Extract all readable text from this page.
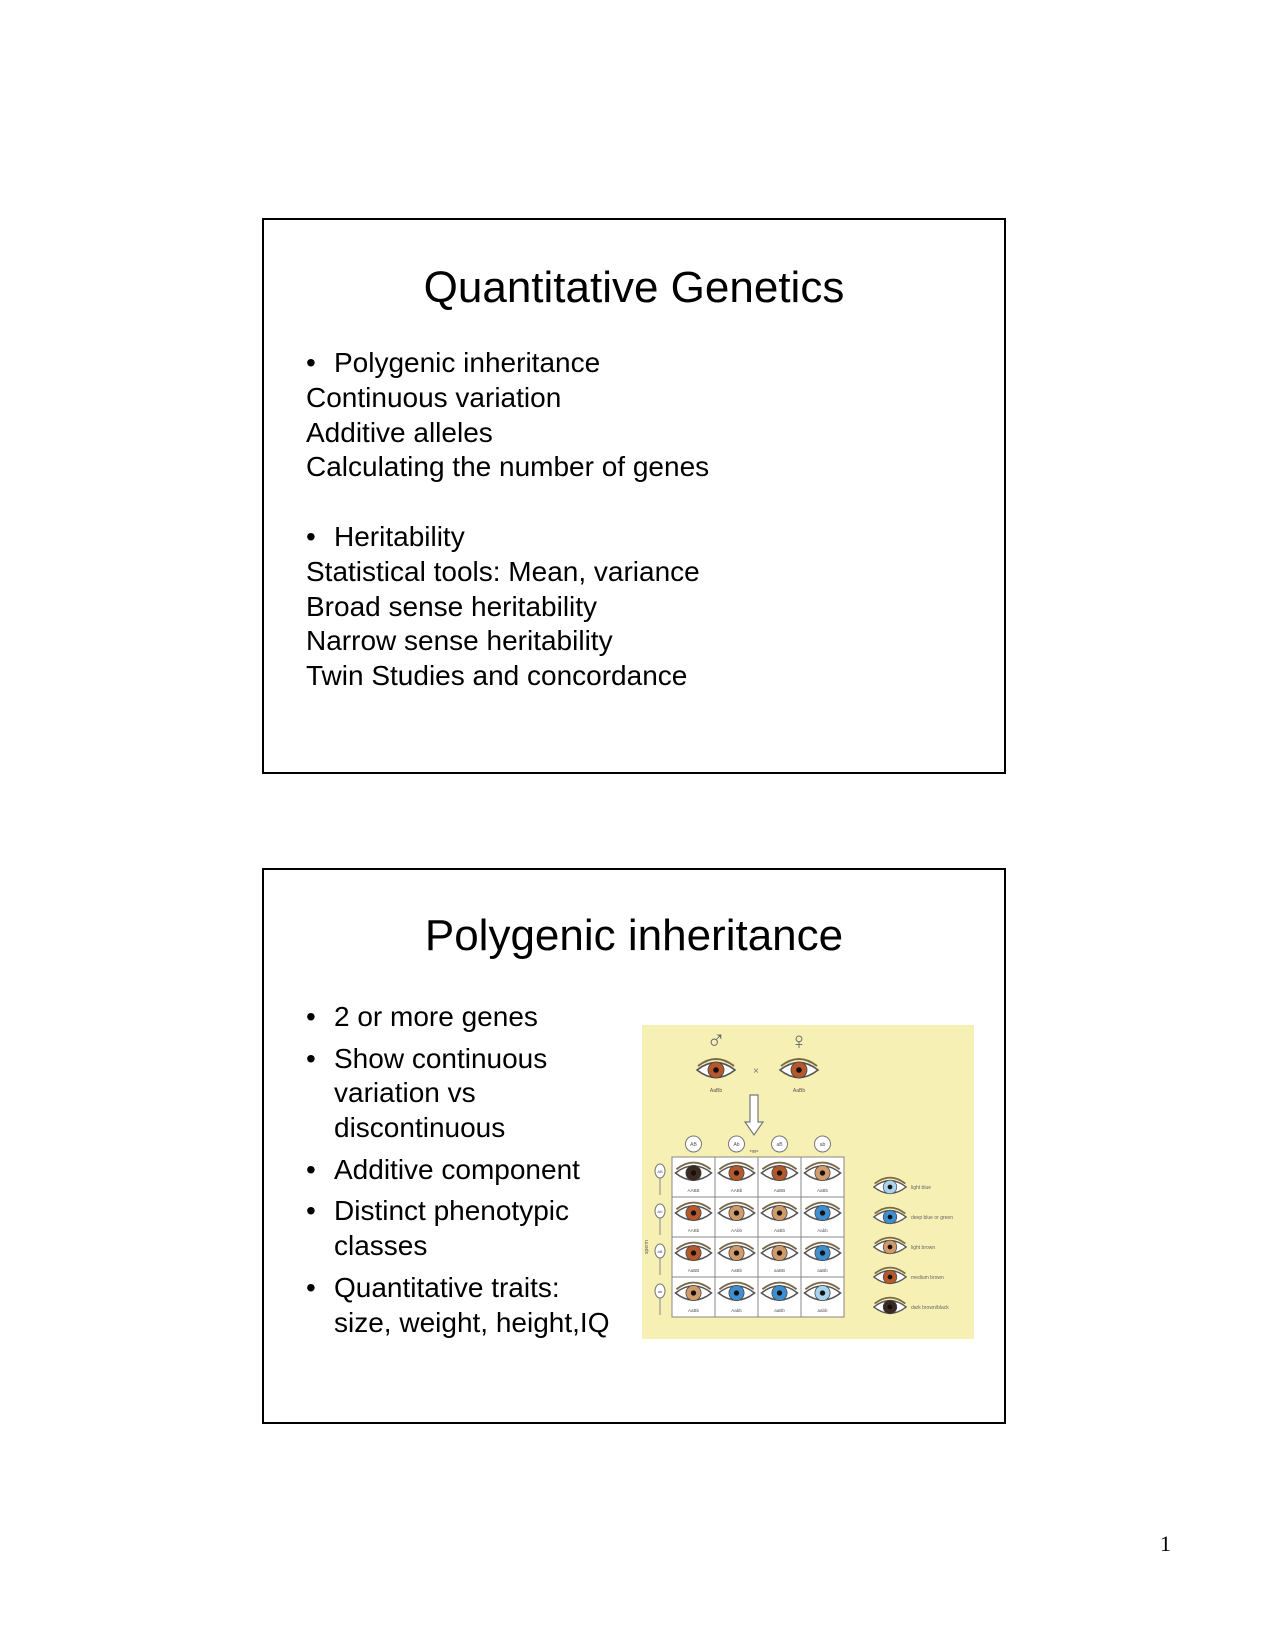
Quantitative Genetics
• Polygenic inheritance
Continuous variation
Additive alleles
Calculating the number of genes
• Heritability
Statistical tools: Mean, variance
Broad sense heritability
Narrow sense heritability
Twin Studies and concordance
Polygenic inheritance
• 2 or more genes
• Show continuous
variation vs
discontinuous
• Additive component
• Distinct phenotypic
classes
• Quantitative traits:
size, weight, height,IQ
♂	♀
×
AaBb	AaBb
AB	Ab	aB	ab
eggs
AB
Ab
aB
ab
sperm
AABB	AABb	AaBB	AaBb
AABb	AAbb	AaBb	Aabb
AaBB	AaBb	aaBB	aaBb
AaBb	Aabb	aaBb	aabb
light blue
deep blue or green
light brown
medium brown
dark brown/black
1
